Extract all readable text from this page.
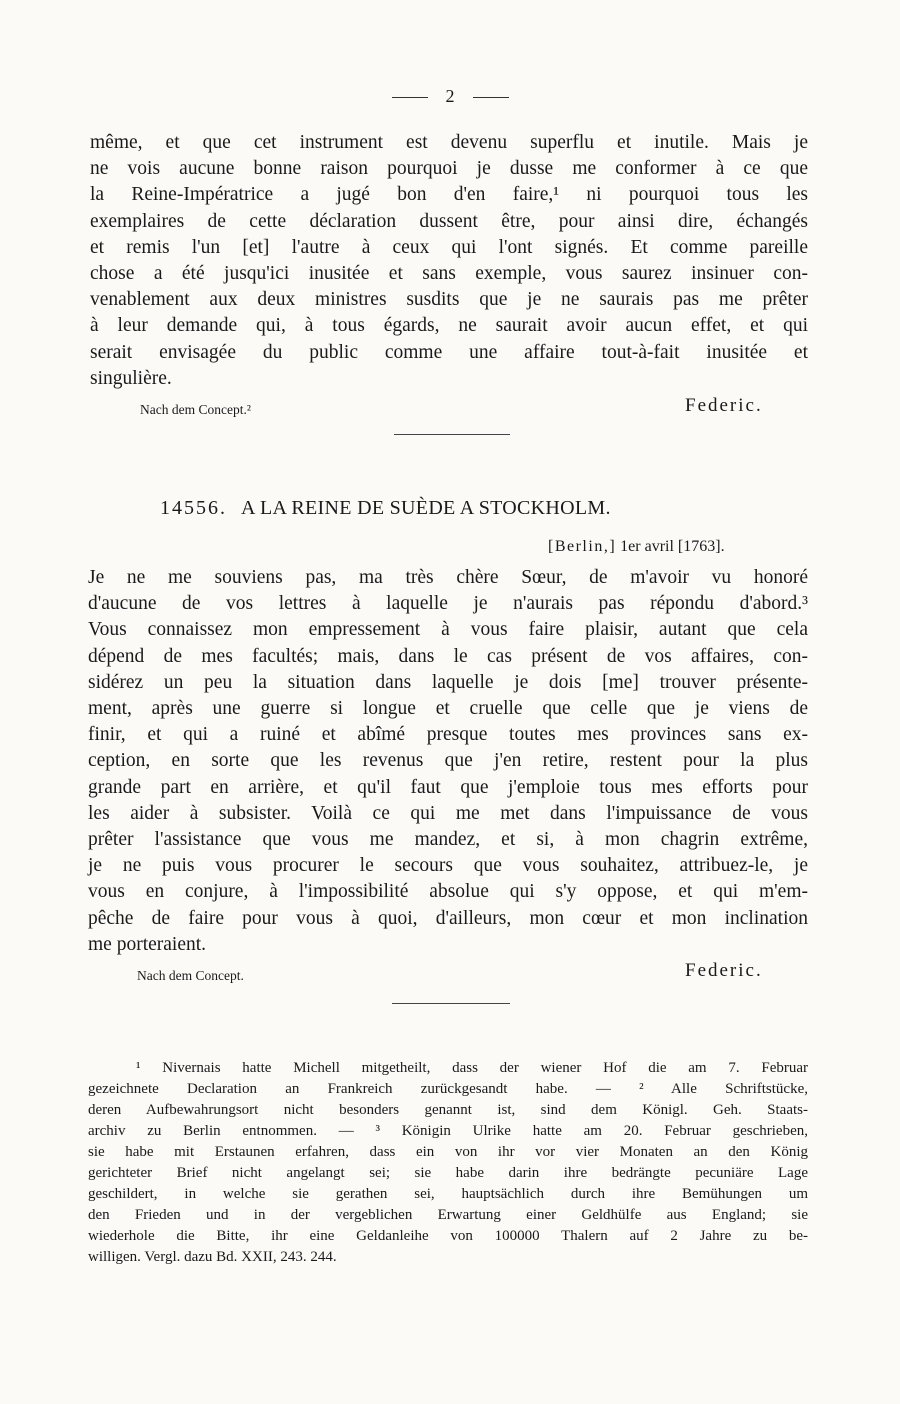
2
même, et que cet instrument est devenu superflu et inutile. Mais je
ne vois aucune bonne raison pourquoi je dusse me conformer à ce que
la Reine-Impératrice a jugé bon d'en faire,¹ ni pourquoi tous les
exemplaires de cette déclaration dussent être, pour ainsi dire, échangés
et remis l'un [et] l'autre à ceux qui l'ont signés. Et comme pareille
chose a été jusqu'ici inusitée et sans exemple, vous saurez insinuer con-
venablement aux deux ministres susdits que je ne saurais pas me prêter
à leur demande qui, à tous égards, ne saurait avoir aucun effet, et qui
serait envisagée du public comme une affaire tout-à-fait inusitée et
singulière.
Nach dem Concept.²	Federic.
14556. A LA REINE DE SUÈDE A STOCKHOLM.
[Berlin,] 1er avril [1763].
Je ne me souviens pas, ma très chère Sœur, de m'avoir vu honoré
d'aucune de vos lettres à laquelle je n'aurais pas répondu d'abord.³
Vous connaissez mon empressement à vous faire plaisir, autant que cela
dépend de mes facultés; mais, dans le cas présent de vos affaires, con-
sidérez un peu la situation dans laquelle je dois [me] trouver présente-
ment, après une guerre si longue et cruelle que celle que je viens de
finir, et qui a ruiné et abîmé presque toutes mes provinces sans ex-
ception, en sorte que les revenus que j'en retire, restent pour la plus
grande part en arrière, et qu'il faut que j'emploie tous mes efforts pour
les aider à subsister. Voilà ce qui me met dans l'impuissance de vous
prêter l'assistance que vous me mandez, et si, à mon chagrin extrême,
je ne puis vous procurer le secours que vous souhaitez, attribuez-le, je
vous en conjure, à l'impossibilité absolue qui s'y oppose, et qui m'em-
pêche de faire pour vous à quoi, d'ailleurs, mon cœur et mon inclination
me porteraient.
Nach dem Concept.	Federic.
¹ Nivernais hatte Michell mitgetheilt, dass der wiener Hof die am 7. Februar
gezeichnete Declaration an Frankreich zurückgesandt habe. — ² Alle Schriftstücke,
deren Aufbewahrungsort nicht besonders genannt ist, sind dem Königl. Geh. Staats-
archiv zu Berlin entnommen. — ³ Königin Ulrike hatte am 20. Februar geschrieben,
sie habe mit Erstaunen erfahren, dass ein von ihr vor vier Monaten an den König
gerichteter Brief nicht angelangt sei; sie habe darin ihre bedrängte pecuniäre Lage
geschildert, in welche sie gerathen sei, hauptsächlich durch ihre Bemühungen um
den Frieden und in der vergeblichen Erwartung einer Geldhülfe aus England; sie
wiederhole die Bitte, ihr eine Geldanleihe von 100000 Thalern auf 2 Jahre zu be-
willigen. Vergl. dazu Bd. XXII, 243. 244.
